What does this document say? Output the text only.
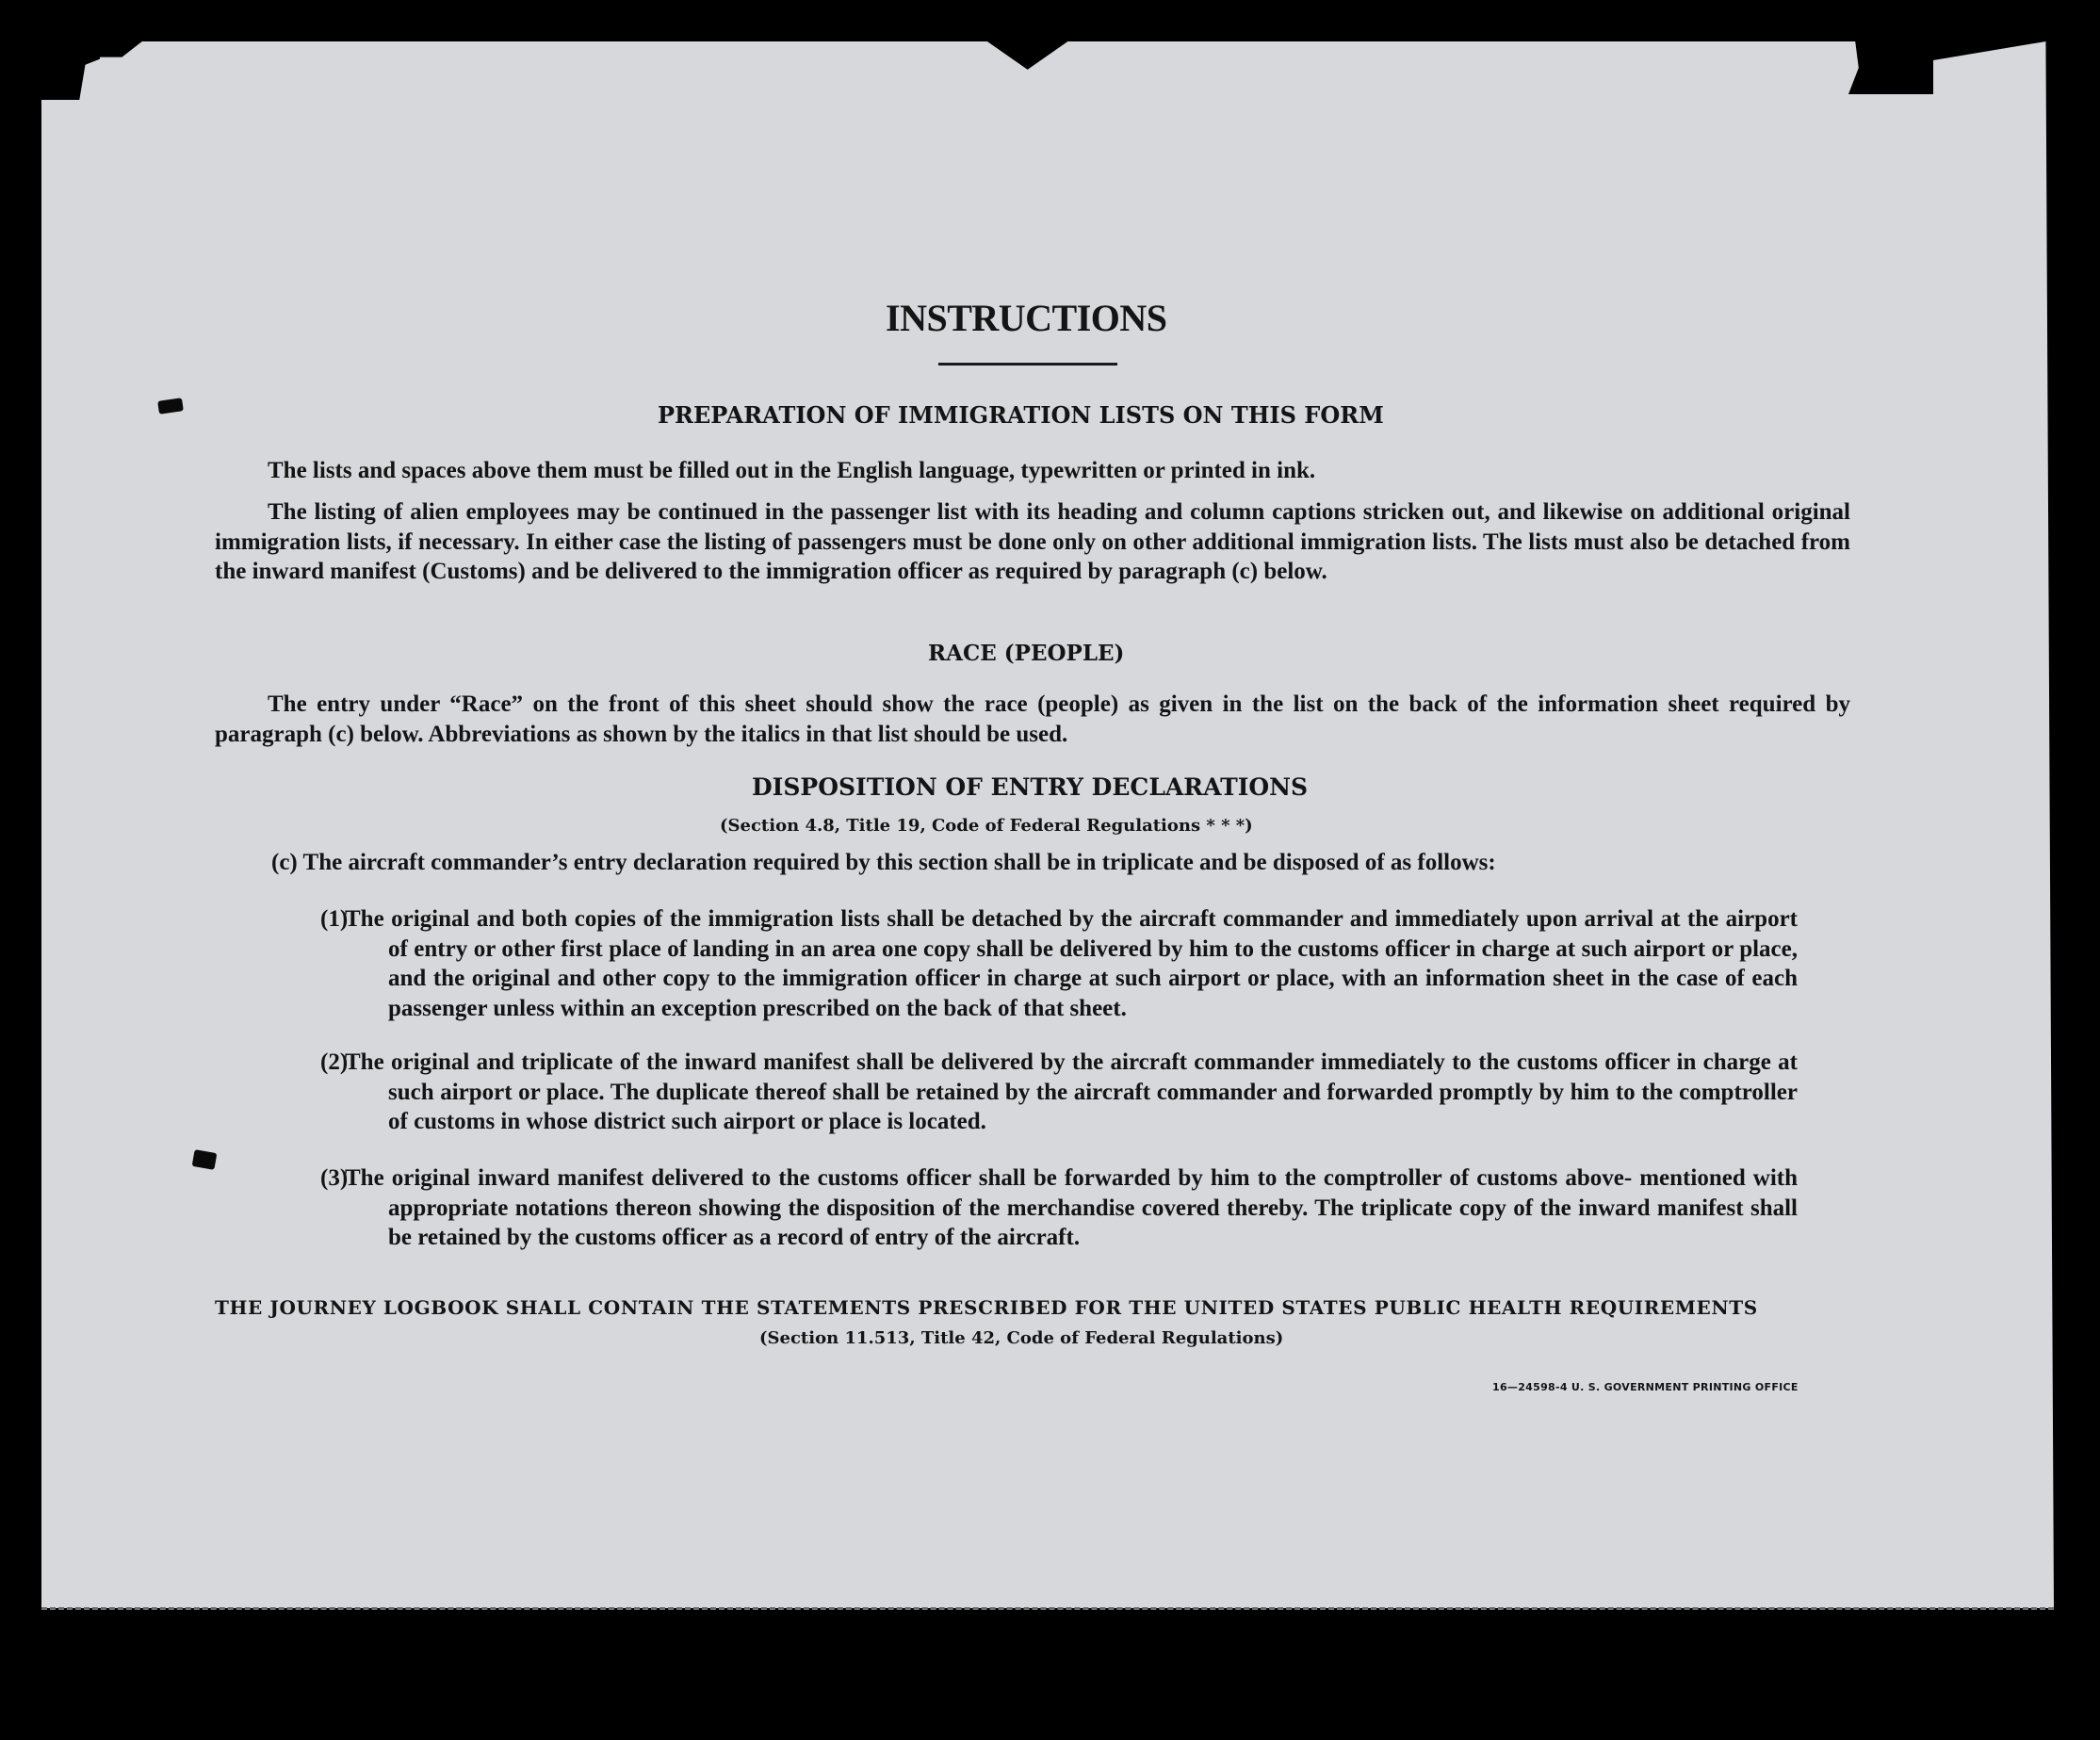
INSTRUCTIONS
PREPARATION OF IMMIGRATION LISTS ON THIS FORM
The lists and spaces above them must be filled out in the English language, typewritten or printed in ink.
The listing of alien employees may be continued in the passenger list with its heading and column captions stricken out, and likewise on additional original immigration lists, if necessary. In either case the listing of passengers must be done only on other additional immigration lists. The lists must also be detached from the inward manifest (Customs) and be delivered to the immigration officer as required by paragraph (c) below.
RACE (PEOPLE)
The entry under “Race” on the front of this sheet should show the race (people) as given in the list on the back of the information sheet required by paragraph (c) below. Abbreviations as shown by the italics in that list should be used.
DISPOSITION OF ENTRY DECLARATIONS
(Section 4.8, Title 19, Code of Federal Regulations * * *)
(c) The aircraft commander’s entry declaration required by this section shall be in triplicate and be disposed of as follows:
(1)
The original and both copies of the immigration lists shall be detached by the aircraft commander and immediately upon arrival at the airport of entry or other first place of landing in an area one copy shall be delivered by him to the customs officer in charge at such airport or place, and the original and other copy to the immigration officer in charge at such airport or place, with an information sheet in the case of each passenger unless within an exception prescribed on the back of that sheet.
(2)
The original and triplicate of the inward manifest shall be delivered by the aircraft commander immediately to the customs officer in charge at such airport or place. The duplicate thereof shall be retained by the aircraft commander and forwarded promptly by him to the comptroller of customs in whose district such airport or place is located.
(3)
The original inward manifest delivered to the customs officer shall be forwarded by him to the comptroller of customs above- mentioned with appropriate notations thereon showing the disposition of the merchandise covered thereby. The triplicate copy of the inward manifest shall be retained by the customs officer as a record of entry of the aircraft.
THE JOURNEY LOGBOOK SHALL CONTAIN THE STATEMENTS PRESCRIBED FOR THE UNITED STATES PUBLIC HEALTH REQUIREMENTS
(Section 11.513, Title 42, Code of Federal Regulations)
16—24598-4 U. S. GOVERNMENT PRINTING OFFICE
